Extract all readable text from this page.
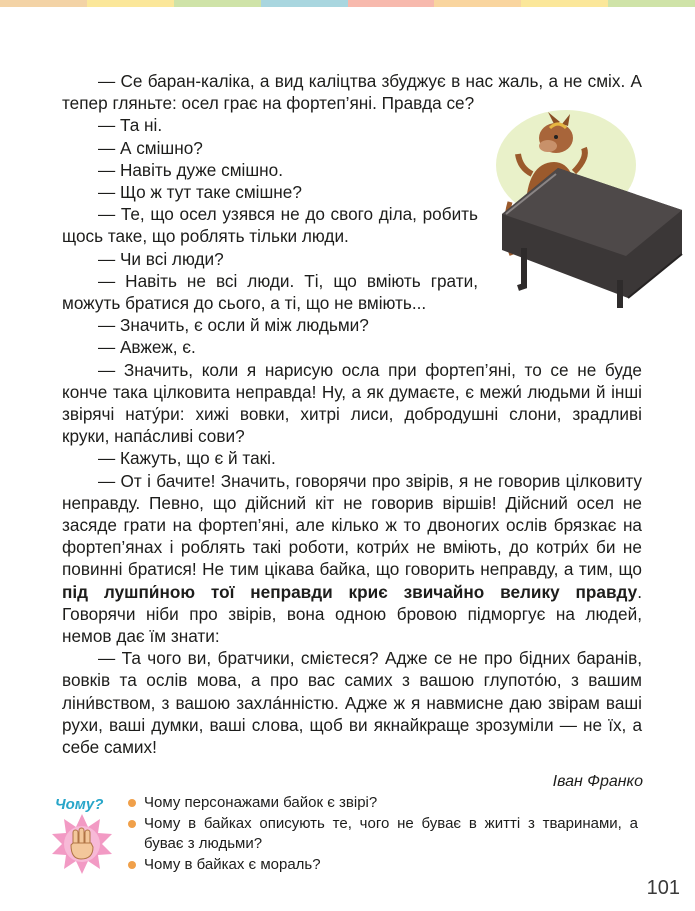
— Се баран-каліка, а вид каліцтва збуджує в нас жаль, а не сміх. А тепер гляньте: осел грає на фортеп’яні. Правда се?

— Та ні.

— А смішно?

— Навіть дуже смішно.

— Що ж тут таке смішне?

— Те, що осел узявся не до свого діла, робить щось таке, що роблять тільки люди.

— Чи всі люди?

— Навіть не всі люди. Ті, що вміють грати, можуть братися до сього, а ті, що не вміють...

— Значить, є осли й між людьми?

— Авжеж, є.

— Значить, коли я нарисую осла при фортеп’яні, то се не буде конче така цілковита неправда! Ну, а як думаєте, є межи́ людьми й інші звірячі нату́ри: хижі вовки, хитрі лиси, добродушні слони, зрадливі круки, напа́сливі сови?

— Кажуть, що є й такі.

— От і бачите! Значить, говорячи про звірів, я не говорив цілковиту неправду. Певно, що дійсний кіт не говорив віршів! Дійсний осел не засяде грати на фортеп’яні, але кілько ж то двоногих ослів брязкає на фортеп’янах і роблять такі роботи, котри́х не вміють, до котри́х би не повинні братися! Не тим цікава байка, що говорить неправду, а тим, що під лушпи́ною тої неправди криє звичайно велику правду. Говорячи ніби про звірів, вона одною бровою підморгує на людей, немов дає їм знати:

— Та чого ви, братчики, смієтеся? Адже се не про бідних баранів, вовків та ослів мова, а про вас самих з вашою глупото́ю, з вашим ліни́вством, з вашою захла́нністю. Адже ж я навмисне даю звірам ваші рухи, ваші думки, ваші слова, щоб ви якнайкраще зрозуміли — не їх, а себе самих!

Іван Франко
Чому?	Чому персонажами байок є звірі?
Чому в байках описують те, чого не буває в житті з тваринами, а буває з людьми?
Чому в байках є мораль?
101
